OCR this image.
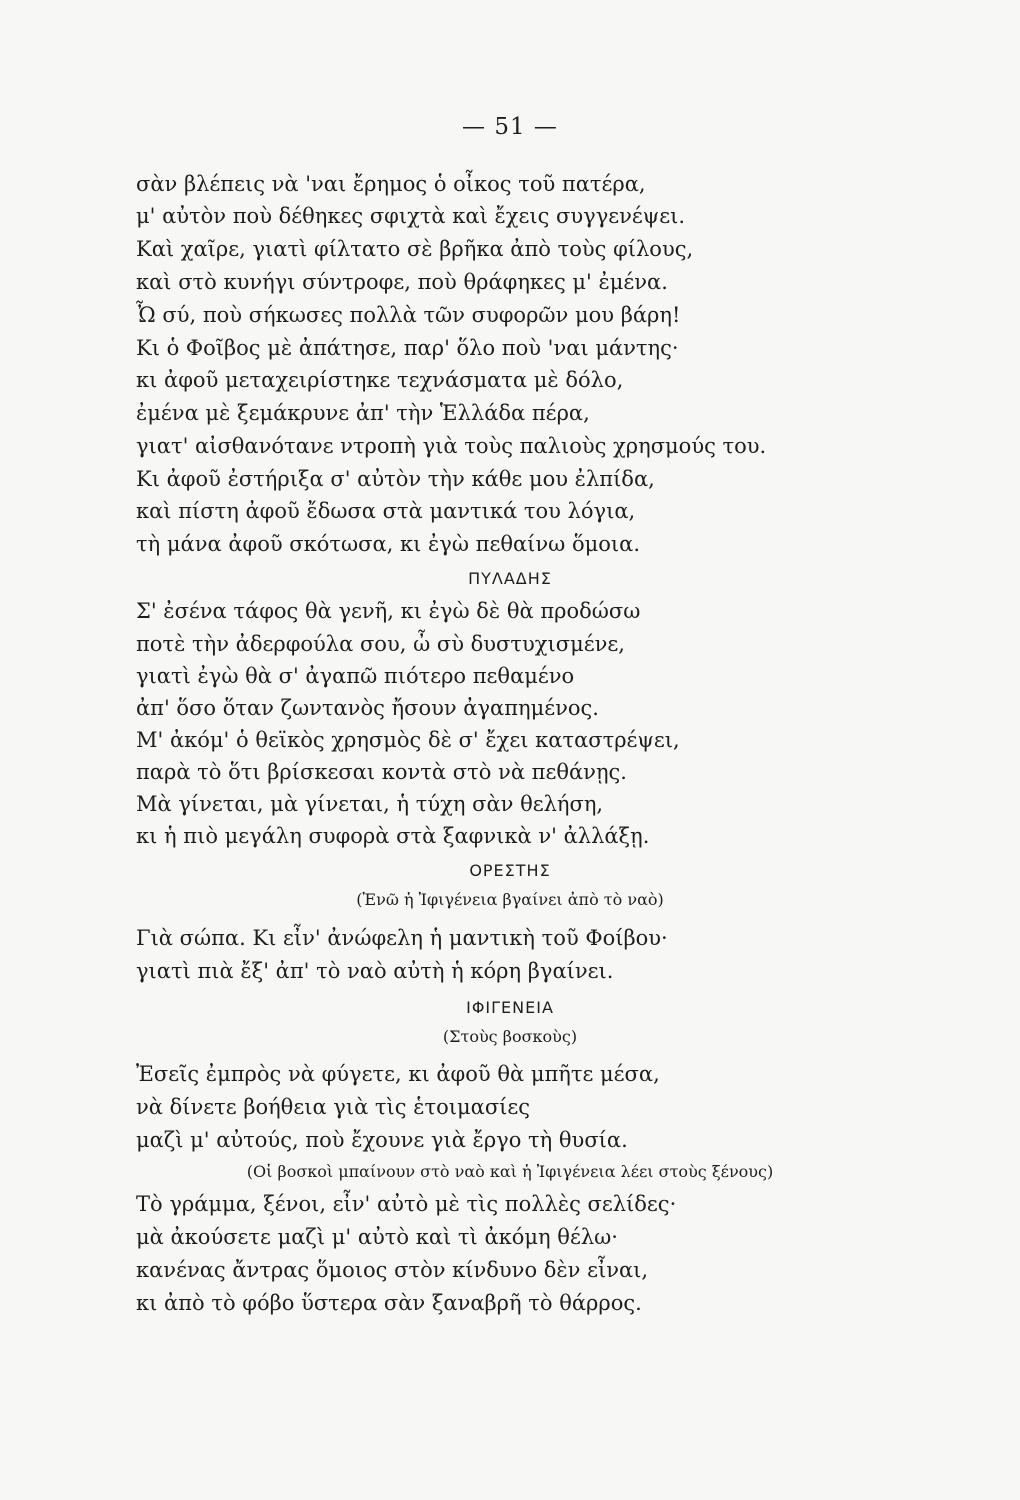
— 51 —
σὰν βλέπεις νὰ 'ναι ἔρημος ὁ οἶκος τοῦ πατέρα,
μ' αὐτὸν ποὺ δέθηκες σφιχτὰ καὶ ἔχεις συγγενέψει.
Καὶ χαῖρε, γιατὶ φίλτατο σὲ βρῆκα ἀπὸ τοὺς φίλους,
καὶ στὸ κυνήγι σύντροφε, ποὺ θράφηκες μ' ἐμένα.
Ὦ σύ, ποὺ σήκωσες πολλὰ τῶν συφορῶν μου βάρη!
Κι ὁ Φοῖβος μὲ ἀπάτησε, παρ' ὅλο ποὺ 'ναι μάντης·
κι ἀφοῦ μεταχειρίστηκε τεχνάσματα μὲ δόλο,
ἐμένα μὲ ξεμάκρυνε ἀπ' τὴν Ἑλλάδα πέρα,
γιατ' αἰσθανότανε ντροπὴ γιὰ τοὺς παλιοὺς χρησμούς του.
Κι ἀφοῦ ἐστήριξα σ' αὐτὸν τὴν κάθε μου ἐλπίδα,
καὶ πίστη ἀφοῦ ἔδωσα στὰ μαντικά του λόγια,
τὴ μάνα ἀφοῦ σκότωσα, κι ἐγὼ πεθαίνω ὅμοια.
ΠΥΛΑΔΗΣ
Σ' ἐσένα τάφος θὰ γενῆ, κι ἐγὼ δὲ θὰ προδώσω
ποτὲ τὴν ἀδερφούλα σου, ὦ σὺ δυστυχισμένε,
γιατὶ ἐγὼ θὰ σ' ἀγαπῶ πιότερο πεθαμένο
ἀπ' ὅσο ὅταν ζωντανὸς ἤσουν ἀγαπημένος.
Μ' ἀκόμ' ὁ θεϊκὸς χρησμὸς δὲ σ' ἔχει καταστρέψει,
παρὰ τὸ ὅτι βρίσκεσαι κοντὰ στὸ νὰ πεθάνῃς.
Μὰ γίνεται, μὰ γίνεται, ἡ τύχη σὰν θελήση,
κι ἡ πιὸ μεγάλη συφορὰ στὰ ξαφνικὰ ν' ἀλλάξῃ.
ΟΡΕΣΤΗΣ
(Ἐνῶ ἡ Ἰφιγένεια βγαίνει ἀπὸ τὸ ναὸ)
Γιὰ σώπα. Κι εἶν' ἀνώφελη ἡ μαντικὴ τοῦ Φοίβου·
γιατὶ πιὰ ἔξ' ἀπ' τὸ ναὸ αὐτὴ ἡ κόρη βγαίνει.
ΙΦΙΓΕΝΕΙΑ
(Στοὺς βοσκοὺς)
Ἐσεῖς ἐμπρὸς νὰ φύγετε, κι ἀφοῦ θὰ μπῆτε μέσα,
νὰ δίνετε βοήθεια γιὰ τὶς ἑτοιμασίες
μαζὶ μ' αὐτούς, ποὺ ἔχουνε γιὰ ἔργο τὴ θυσία.
(Οἱ βοσκοὶ μπαίνουν στὸ ναὸ καὶ ἡ Ἰφιγένεια λέει στοὺς ξένους)
Τὸ γράμμα, ξένοι, εἶν' αὐτὸ μὲ τὶς πολλὲς σελίδες·
μὰ ἀκούσετε μαζὶ μ' αὐτὸ καὶ τὶ ἀκόμη θέλω·
κανένας ἄντρας ὅμοιος στὸν κίνδυνο δὲν εἶναι,
κι ἀπὸ τὸ φόβο ὕστερα σὰν ξαναβρῆ τὸ θάρρος.
